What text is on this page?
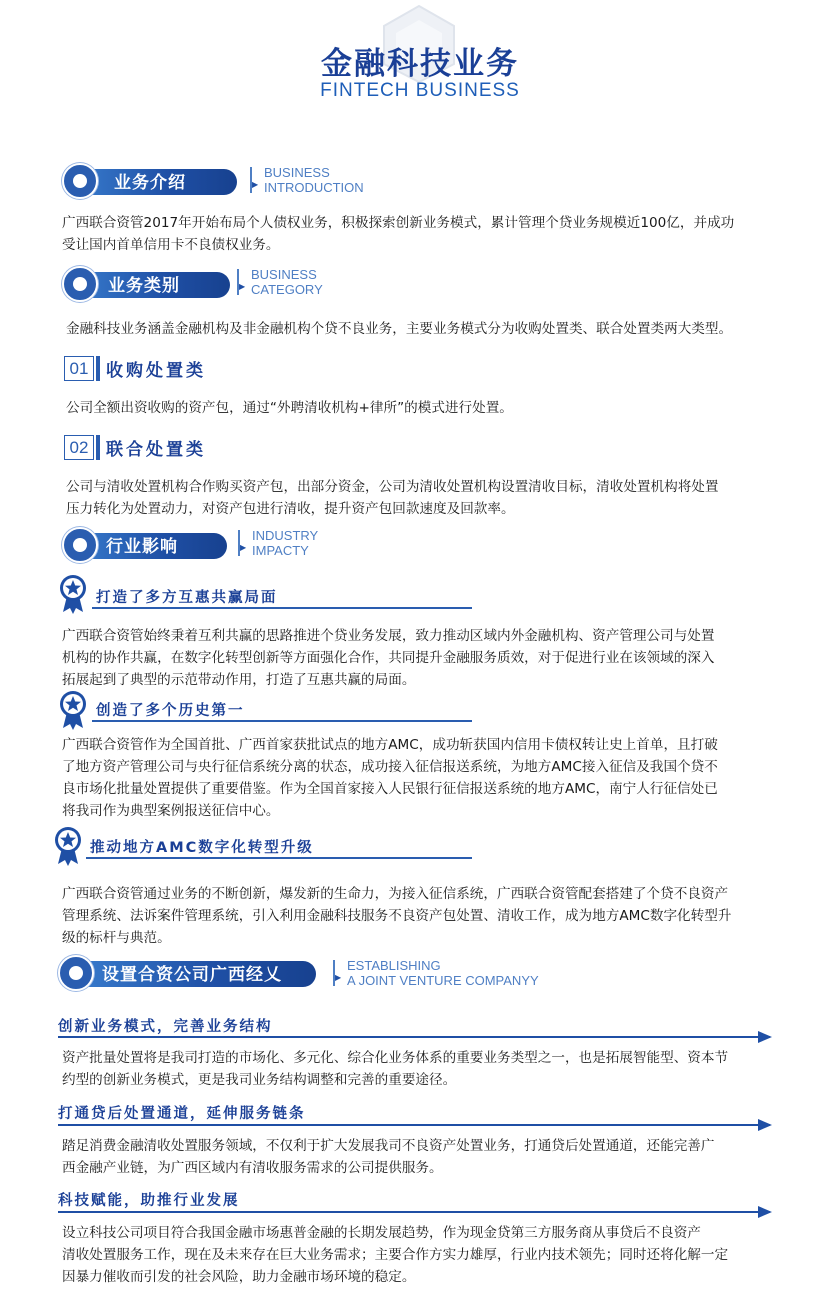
金融科技业务
FINTECH BUSINESS
业务介绍	▶
BUSINESS
INTRODUCTION
广西联合资管2017年开始布局个人债权业务，积极探索创新业务模式，累计管理个贷业务规模近100亿，并成功
受让国内首单信用卡不良债权业务。
业务类别	▶
BUSINESS
CATEGORY
金融科技业务涵盖金融机构及非金融机构个贷不良业务，主要业务模式分为收购处置类、联合处置类两大类型。
01	收购处置类
公司全额出资收购的资产包，通过“外聘清收机构+律所”的模式进行处置。
02	联合处置类
公司与清收处置机构合作购买资产包，出部分资金，公司为清收处置机构设置清收目标，清收处置机构将处置
压力转化为处置动力，对资产包进行清收，提升资产包回款速度及回款率。
行业影响	▶
INDUSTRY
IMPACTY
打造了多方互惠共赢局面
广西联合资管始终秉着互利共赢的思路推进个贷业务发展，致力推动区域内外金融机构、资产管理公司与处置
机构的协作共赢，在数字化转型创新等方面强化合作，共同提升金融服务质效，对于促进行业在该领域的深入
拓展起到了典型的示范带动作用，打造了互惠共赢的局面。
创造了多个历史第一
广西联合资管作为全国首批、广西首家获批试点的地方AMC，成功斩获国内信用卡债权转让史上首单，且打破
了地方资产管理公司与央行征信系统分离的状态，成功接入征信报送系统，为地方AMC接入征信及我国个贷不
良市场化批量处置提供了重要借鉴。作为全国首家接入人民银行征信报送系统的地方AMC，南宁人行征信处已
将我司作为典型案例报送征信中心。
推动地方AMC数字化转型升级
广西联合资管通过业务的不断创新，爆发新的生命力，为接入征信系统，广西联合资管配套搭建了个贷不良资产
管理系统、法诉案件管理系统，引入利用金融科技服务不良资产包处置、清收工作，成为地方AMC数字化转型升
级的标杆与典范。
设置合资公司广西经乂	▶
ESTABLISHING
A JOINT VENTURE COMPANYY
创新业务模式，完善业务结构
资产批量处置将是我司打造的市场化、多元化、综合化业务体系的重要业务类型之一，也是拓展智能型、资本节
约型的创新业务模式，更是我司业务结构调整和完善的重要途径。
打通贷后处置通道，延伸服务链条
踏足消费金融清收处置服务领域，不仅利于扩大发展我司不良资产处置业务，打通贷后处置通道，还能完善广
西金融产业链，为广西区域内有清收服务需求的公司提供服务。
科技赋能，助推行业发展
设立科技公司项目符合我国金融市场惠普金融的长期发展趋势，作为现金贷第三方服务商从事贷后不良资产
清收处置服务工作，现在及未来存在巨大业务需求；主要合作方实力雄厚，行业内技术领先；同时还将化解一定
因暴力催收而引发的社会风险，助力金融市场环境的稳定。
